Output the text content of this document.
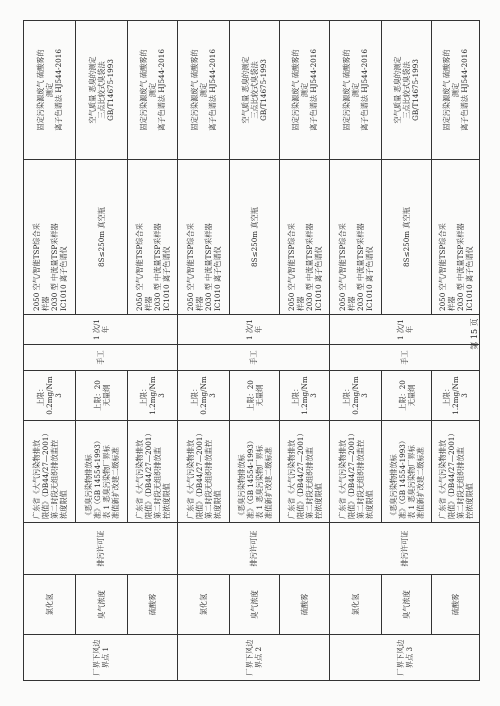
厂界下风边界点 1	氯化氢	排污许可证	广东省《大气污染物排放 限值》（DB44/27—2001） 第二时段无组织排放监控 浓度限值	上限： 0.2mg/Nm 3	手工	1 次/1 年	2050 空气/智能TSP综合采 样器 2030 型 中流量TSP采样器 IC1010 离子色谱仪	固定污染源废气 硫酸雾的 测定 离子色谱法 HJ544-2016

	臭气浓度		《恶臭污染物排放标 准》（GB 14554-1993） 表 1 恶臭污染物厂界标 准值新扩改建二级标准	上限：20 无量纲			8S≤250m 真空瓶	空气质量 恶臭的测定 三点比较式臭袋法 GB/T14675-1993

	硫酸雾		广东省《大气污染物排放 限值》（DB44/27—2001） 第二时段无组织排放监 控浓度限值	上限： 1.2mg/Nm 3			2050 空气/智能TSP综合采 样器 2030 型 中流量TSP采样器 IC1010 离子色谱仪	固定污染源废气 硫酸雾的 测定 离子色谱法 HJ544-2016

厂界下风边界点 2	氯化氢	排污许可证	广东省《大气污染物排放 限值》（DB44/27—2001） 第二时段无组织排放监控 浓度限值	上限： 0.2mg/Nm 3	手工	1 次/1 年	2050 空气/智能TSP综合采 样器 2030 型 中流量TSP采样器 IC1010 离子色谱仪	固定污染源废气 硫酸雾的 测定 离子色谱法 HJ544-2016

	臭气浓度		《恶臭污染物排放标 准》（GB 14554-1993） 表 1 恶臭污染物厂界标 准值新扩改建二级标准	上限：20 无量纲			8S≤250m 真空瓶	空气质量 恶臭的测定 三点比较式臭袋法 GB/T14675-1993

	硫酸雾		广东省《大气污染物排放 限值》（DB44/27—2001） 第二时段无组织排放监 控浓度限值	上限： 1.2mg/Nm 3			2050 空气/智能TSP综合采 样器 2030 型 中流量TSP采样器 IC1010 离子色谱仪	固定污染源废气 硫酸雾的 测定 离子色谱法 HJ544-2016

厂界下风边界点 3	氯化氢	排污许可证	广东省《大气污染物排放 限值》（DB44/27—2001） 第二时段无组织排放监控 浓度限值	上限： 0.2mg/Nm 3	手工	1 次/1 年	2050 空气/智能TSP综合采 样器 2030 型 中流量TSP采样器 IC1010 离子色谱仪	固定污染源废气 硫酸雾的 测定 离子色谱法 HJ544-2016

	臭气浓度		《恶臭污染物排放标 准》（GB 14554-1993） 表 1 恶臭污染物厂界标 准值新扩改建二级标准	上限：20 无量纲			8S≤250m 真空瓶	空气质量 恶臭的测定 三点比较式臭袋法 GB/T14675-1993

	硫酸雾		广东省《大气污染物排放 限值》（DB44/27—2001） 第二时段无组织排放监 控浓度限值	上限： 1.2mg/Nm 3			2050 空气/智能TSP综合采 样器 2030 型 中流量TSP采样器 IC1010 离子色谱仪	固定污染源废气 硫酸雾的 测定 离子色谱法 HJ544-2016
第 15 页
